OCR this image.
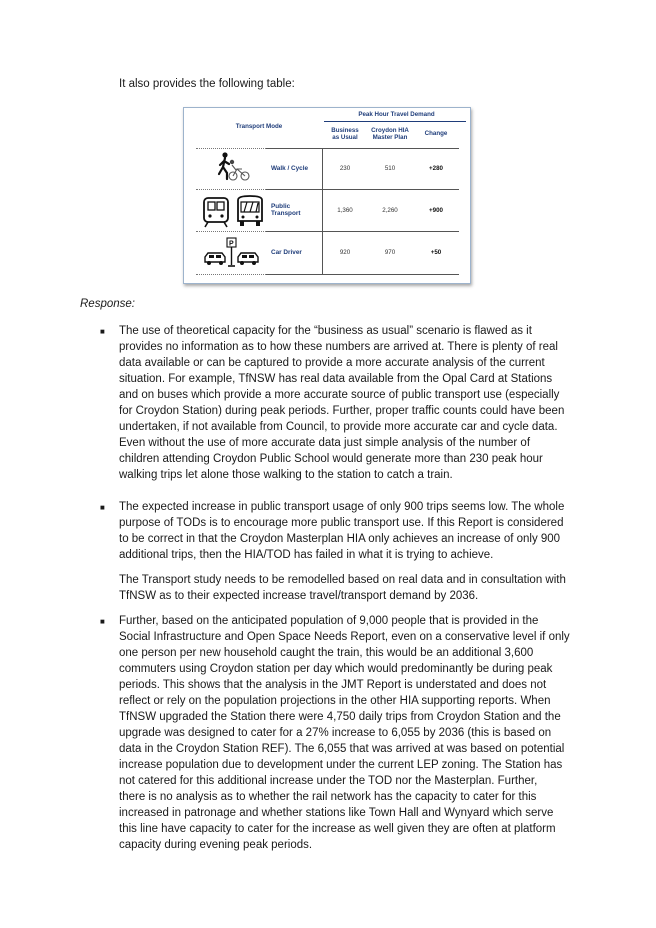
It also provides the following table:
Transport Mode
Peak Hour Travel Demand
Business
as Usual
Croydon HIA
Master Plan
Change
Walk / Cycle	230	510	+280
Public
Transport	1,360	2,260	+900
P
Car Driver	920	970	+50
Response:
■ The use of theoretical capacity for the “business as usual” scenario is flawed as it

provides no information as to how these numbers are arrived at. There is plenty of real

data available or can be captured to provide a more accurate analysis of the current

situation. For example, TfNSW has real data available from the Opal Card at Stations

and on buses which provide a more accurate source of public transport use (especially

for Croydon Station) during peak periods. Further, proper traffic counts could have been

undertaken, if not available from Council, to provide more accurate car and cycle data.

Even without the use of more accurate data just simple analysis of the number of

children attending Croydon Public School would generate more than 230 peak hour

walking trips let alone those walking to the station to catch a train.

■ The expected increase in public transport usage of only 900 trips seems low. The whole

purpose of TODs is to encourage more public transport use. If this Report is considered

to be correct in that the Croydon Masterplan HIA only achieves an increase of only 900

additional trips, then the HIA/TOD has failed in what it is trying to achieve.

The Transport study needs to be remodelled based on real data and in consultation with

TfNSW as to their expected increase travel/transport demand by 2036.

■ Further, based on the anticipated population of 9,000 people that is provided in the

Social Infrastructure and Open Space Needs Report, even on a conservative level if only

one person per new household caught the train, this would be an additional 3,600

commuters using Croydon station per day which would predominantly be during peak

periods. This shows that the analysis in the JMT Report is understated and does not

reflect or rely on the population projections in the other HIA supporting reports. When

TfNSW upgraded the Station there were 4,750 daily trips from Croydon Station and the

upgrade was designed to cater for a 27% increase to 6,055 by 2036 (this is based on

data in the Croydon Station REF). The 6,055 that was arrived at was based on potential

increase population due to development under the current LEP zoning. The Station has

not catered for this additional increase under the TOD nor the Masterplan. Further,

there is no analysis as to whether the rail network has the capacity to cater for this

increased in patronage and whether stations like Town Hall and Wynyard which serve

this line have capacity to cater for the increase as well given they are often at platform

capacity during evening peak periods.
